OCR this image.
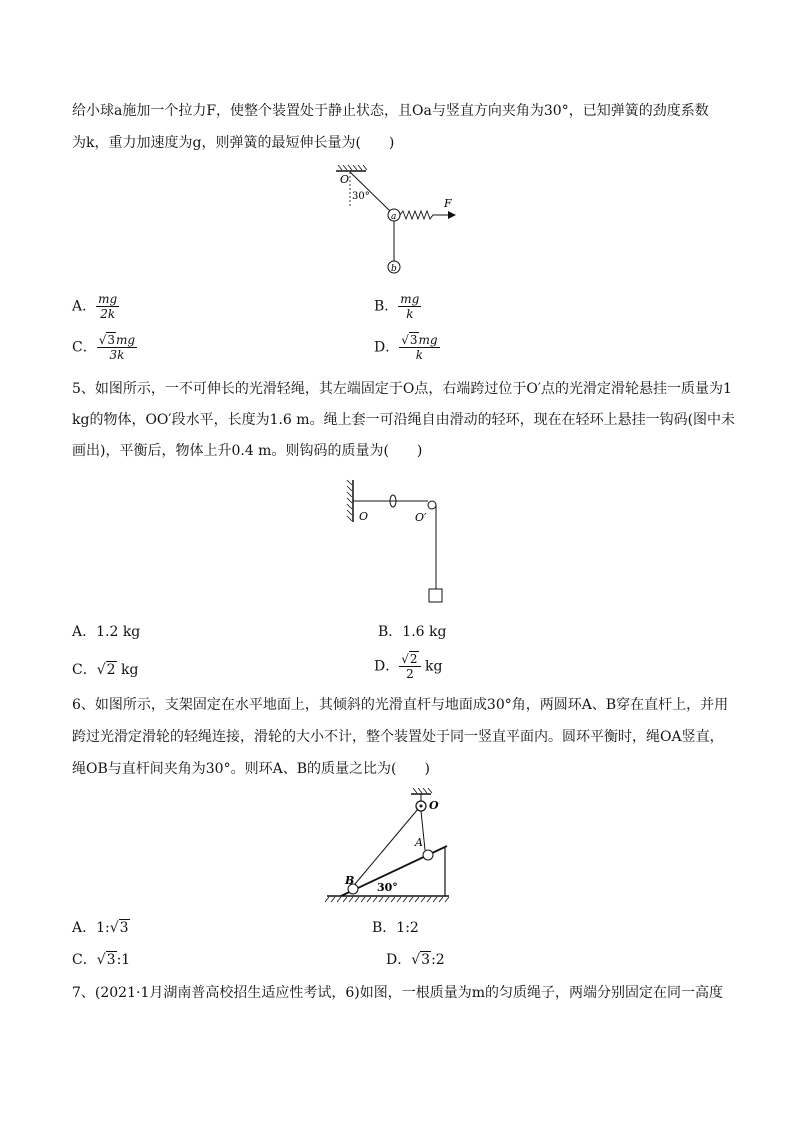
给小球a施加一个拉力F，使整个装置处于静止状态，且Oa与竖直方向夹角为30°，已知弹簧的劲度系数
为k，重力加速度为g，则弹簧的最短伸长量为(　　)
O
30°
a
F
b
A． $\frac{mg}{2k}$	B． $\frac{mg}{k}$
C． $\frac{√3mg}{3k}$	D． $\frac{√3mg}{k}$
5、如图所示，一不可伸长的光滑轻绳，其左端固定于O点，右端跨过位于O′点的光滑定滑轮悬挂一质量为1
kg的物体，OO′段水平，长度为1.6 m。绳上套一可沿绳自由滑动的轻环，现在在轻环上悬挂一钩码(图中未
画出)，平衡后，物体上升0.4 m。则钩码的质量为(　　)
O	O′
A．1.2 kg	B．1.6 kg
C．√2 kg	D． $\frac{√2}{2}$ kg
6、如图所示，支架固定在水平地面上，其倾斜的光滑直杆与地面成30°角，两圆环A、B穿在直杆上，并用
跨过光滑定滑轮的轻绳连接，滑轮的大小不计，整个装置处于同一竖直平面内。圆环平衡时，绳OA竖直，
绳OB与直杆间夹角为30°。则环A、B的质量之比为(　　)
O
A
B
30°
A．1:√3	B．1:2
C．√3:1	D．√3:2
7、(2021·1月湖南普高校招生适应性考试，6)如图，一根质量为m的匀质绳子，两端分别固定在同一高度
